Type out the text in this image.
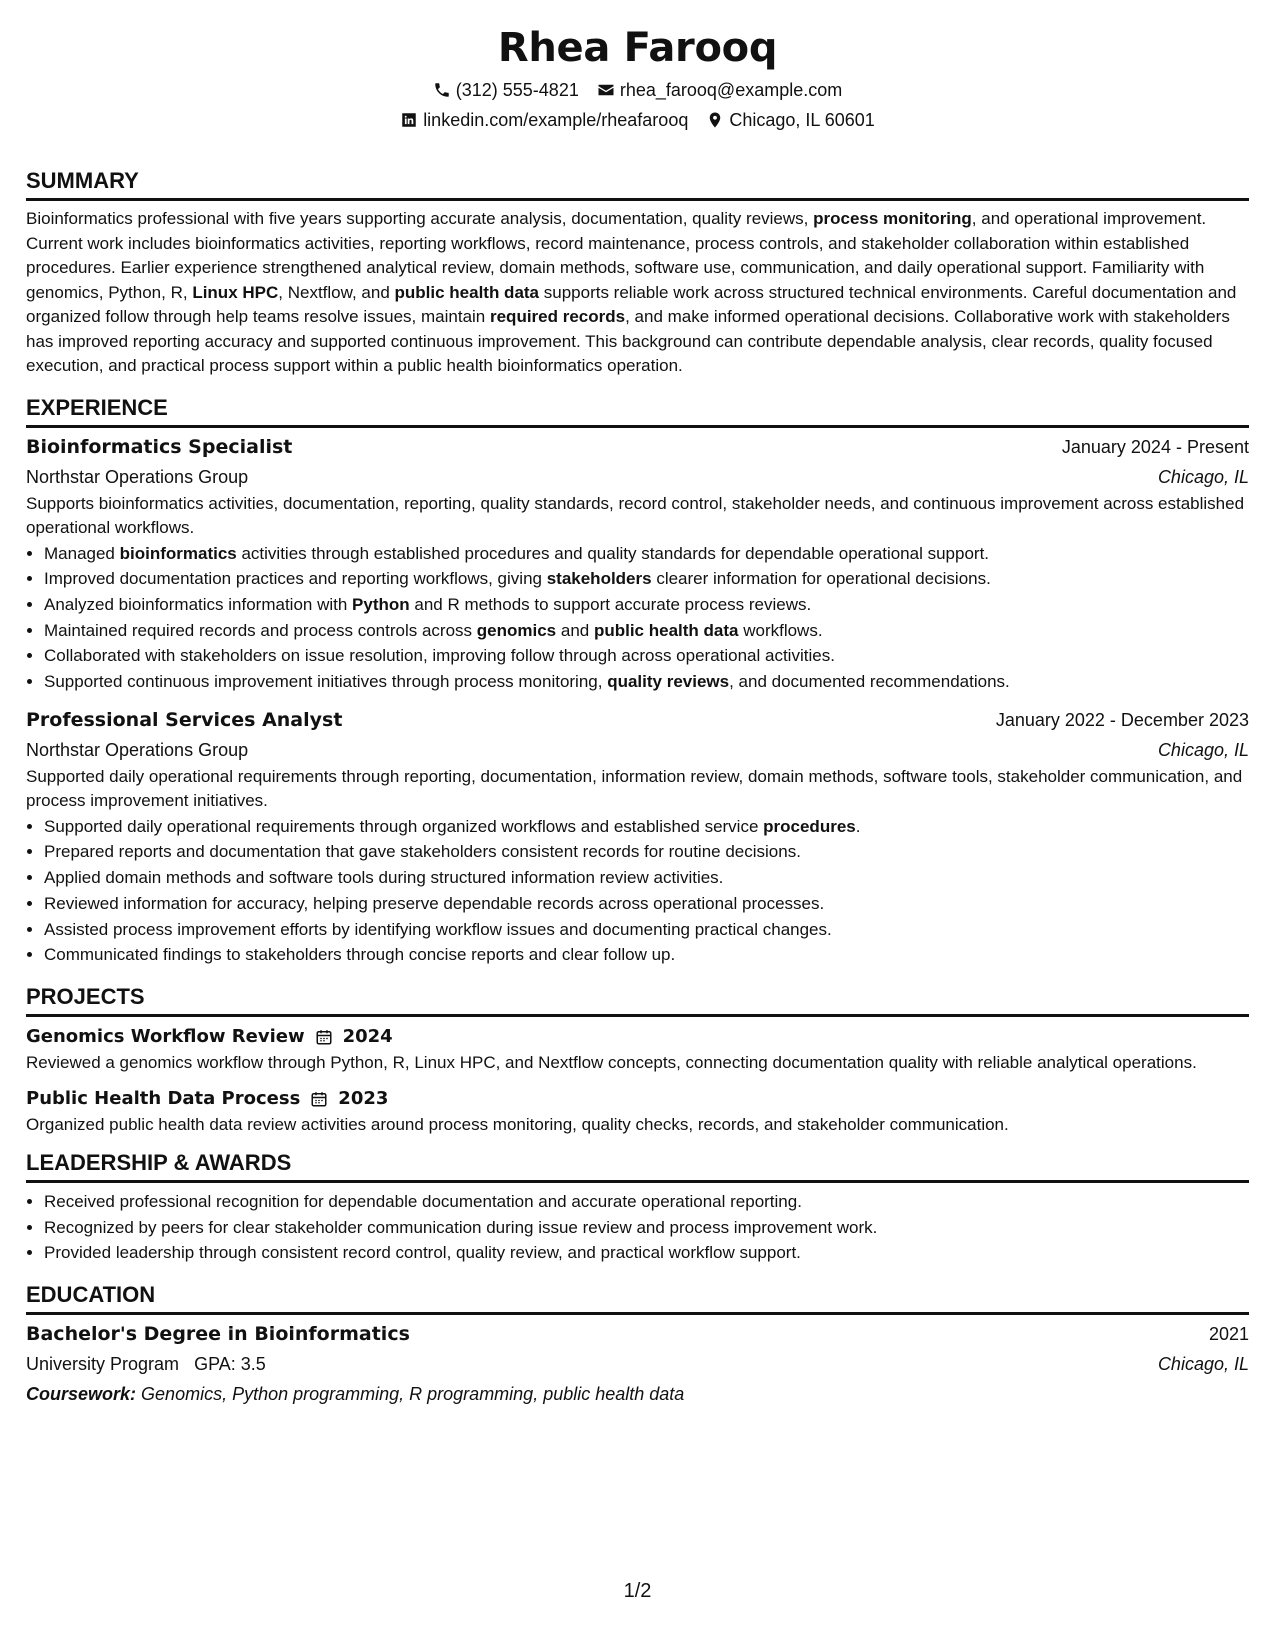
Rhea Farooq
(312) 555-4821 rhea_farooq@example.com
linkedin.com/example/rheafarooq Chicago, IL 60601
SUMMARY

Bioinformatics professional with five years supporting accurate analysis, documentation, quality reviews, process monitoring, and operational improvement. Current work includes bioinformatics activities, reporting workflows, record maintenance, process controls, and stakeholder collaboration within established procedures. Earlier experience strengthened analytical review, domain methods, software use, communication, and daily operational support. Familiarity with genomics, Python, R, Linux HPC, Nextflow, and public health data supports reliable work across structured technical environments. Careful documentation and organized follow through help teams resolve issues, maintain required records, and make informed operational decisions. Collaborative work with stakeholders has improved reporting accuracy and supported continuous improvement. This background can contribute dependable analysis, clear records, quality focused execution, and practical process support within a public health bioinformatics operation.

EXPERIENCE
Bioinformatics Specialist	January 2024 - Present
Northstar Operations Group	Chicago, IL

Supports bioinformatics activities, documentation, reporting, quality standards, record control, stakeholder needs, and continuous improvement across established operational workflows.

• Managed bioinformatics activities through established procedures and quality standards for dependable operational support.
• Improved documentation practices and reporting workflows, giving stakeholders clearer information for operational decisions.
• Analyzed bioinformatics information with Python and R methods to support accurate process reviews.
• Maintained required records and process controls across genomics and public health data workflows.
• Collaborated with stakeholders on issue resolution, improving follow through across operational activities.
• Supported continuous improvement initiatives through process monitoring, quality reviews, and documented recommendations.
Professional Services Analyst	January 2022 - December 2023
Northstar Operations Group	Chicago, IL

Supported daily operational requirements through reporting, documentation, information review, domain methods, software tools, stakeholder communication, and process improvement initiatives.

• Supported daily operational requirements through organized workflows and established service procedures.
• Prepared reports and documentation that gave stakeholders consistent records for routine decisions.
• Applied domain methods and software tools during structured information review activities.
• Reviewed information for accuracy, helping preserve dependable records across operational processes.
• Assisted process improvement efforts by identifying workflow issues and documenting practical changes.
• Communicated findings to stakeholders through concise reports and clear follow up.
PROJECTS
Genomics Workflow Review 2024

Reviewed a genomics workflow through Python, R, Linux HPC, and Nextflow concepts, connecting documentation quality with reliable analytical operations.

Public Health Data Process 2023

Organized public health data review activities around process monitoring, quality checks, records, and stakeholder communication.

LEADERSHIP & AWARDS
• Received professional recognition for dependable documentation and accurate operational reporting.
• Recognized by peers for clear stakeholder communication during issue review and process improvement work.
• Provided leadership through consistent record control, quality review, and practical workflow support.
EDUCATION
Bachelor's Degree in Bioinformatics	2021
University Program GPA: 3.5	Chicago, IL
Coursework: Genomics, Python programming, R programming, public health data
1/2
